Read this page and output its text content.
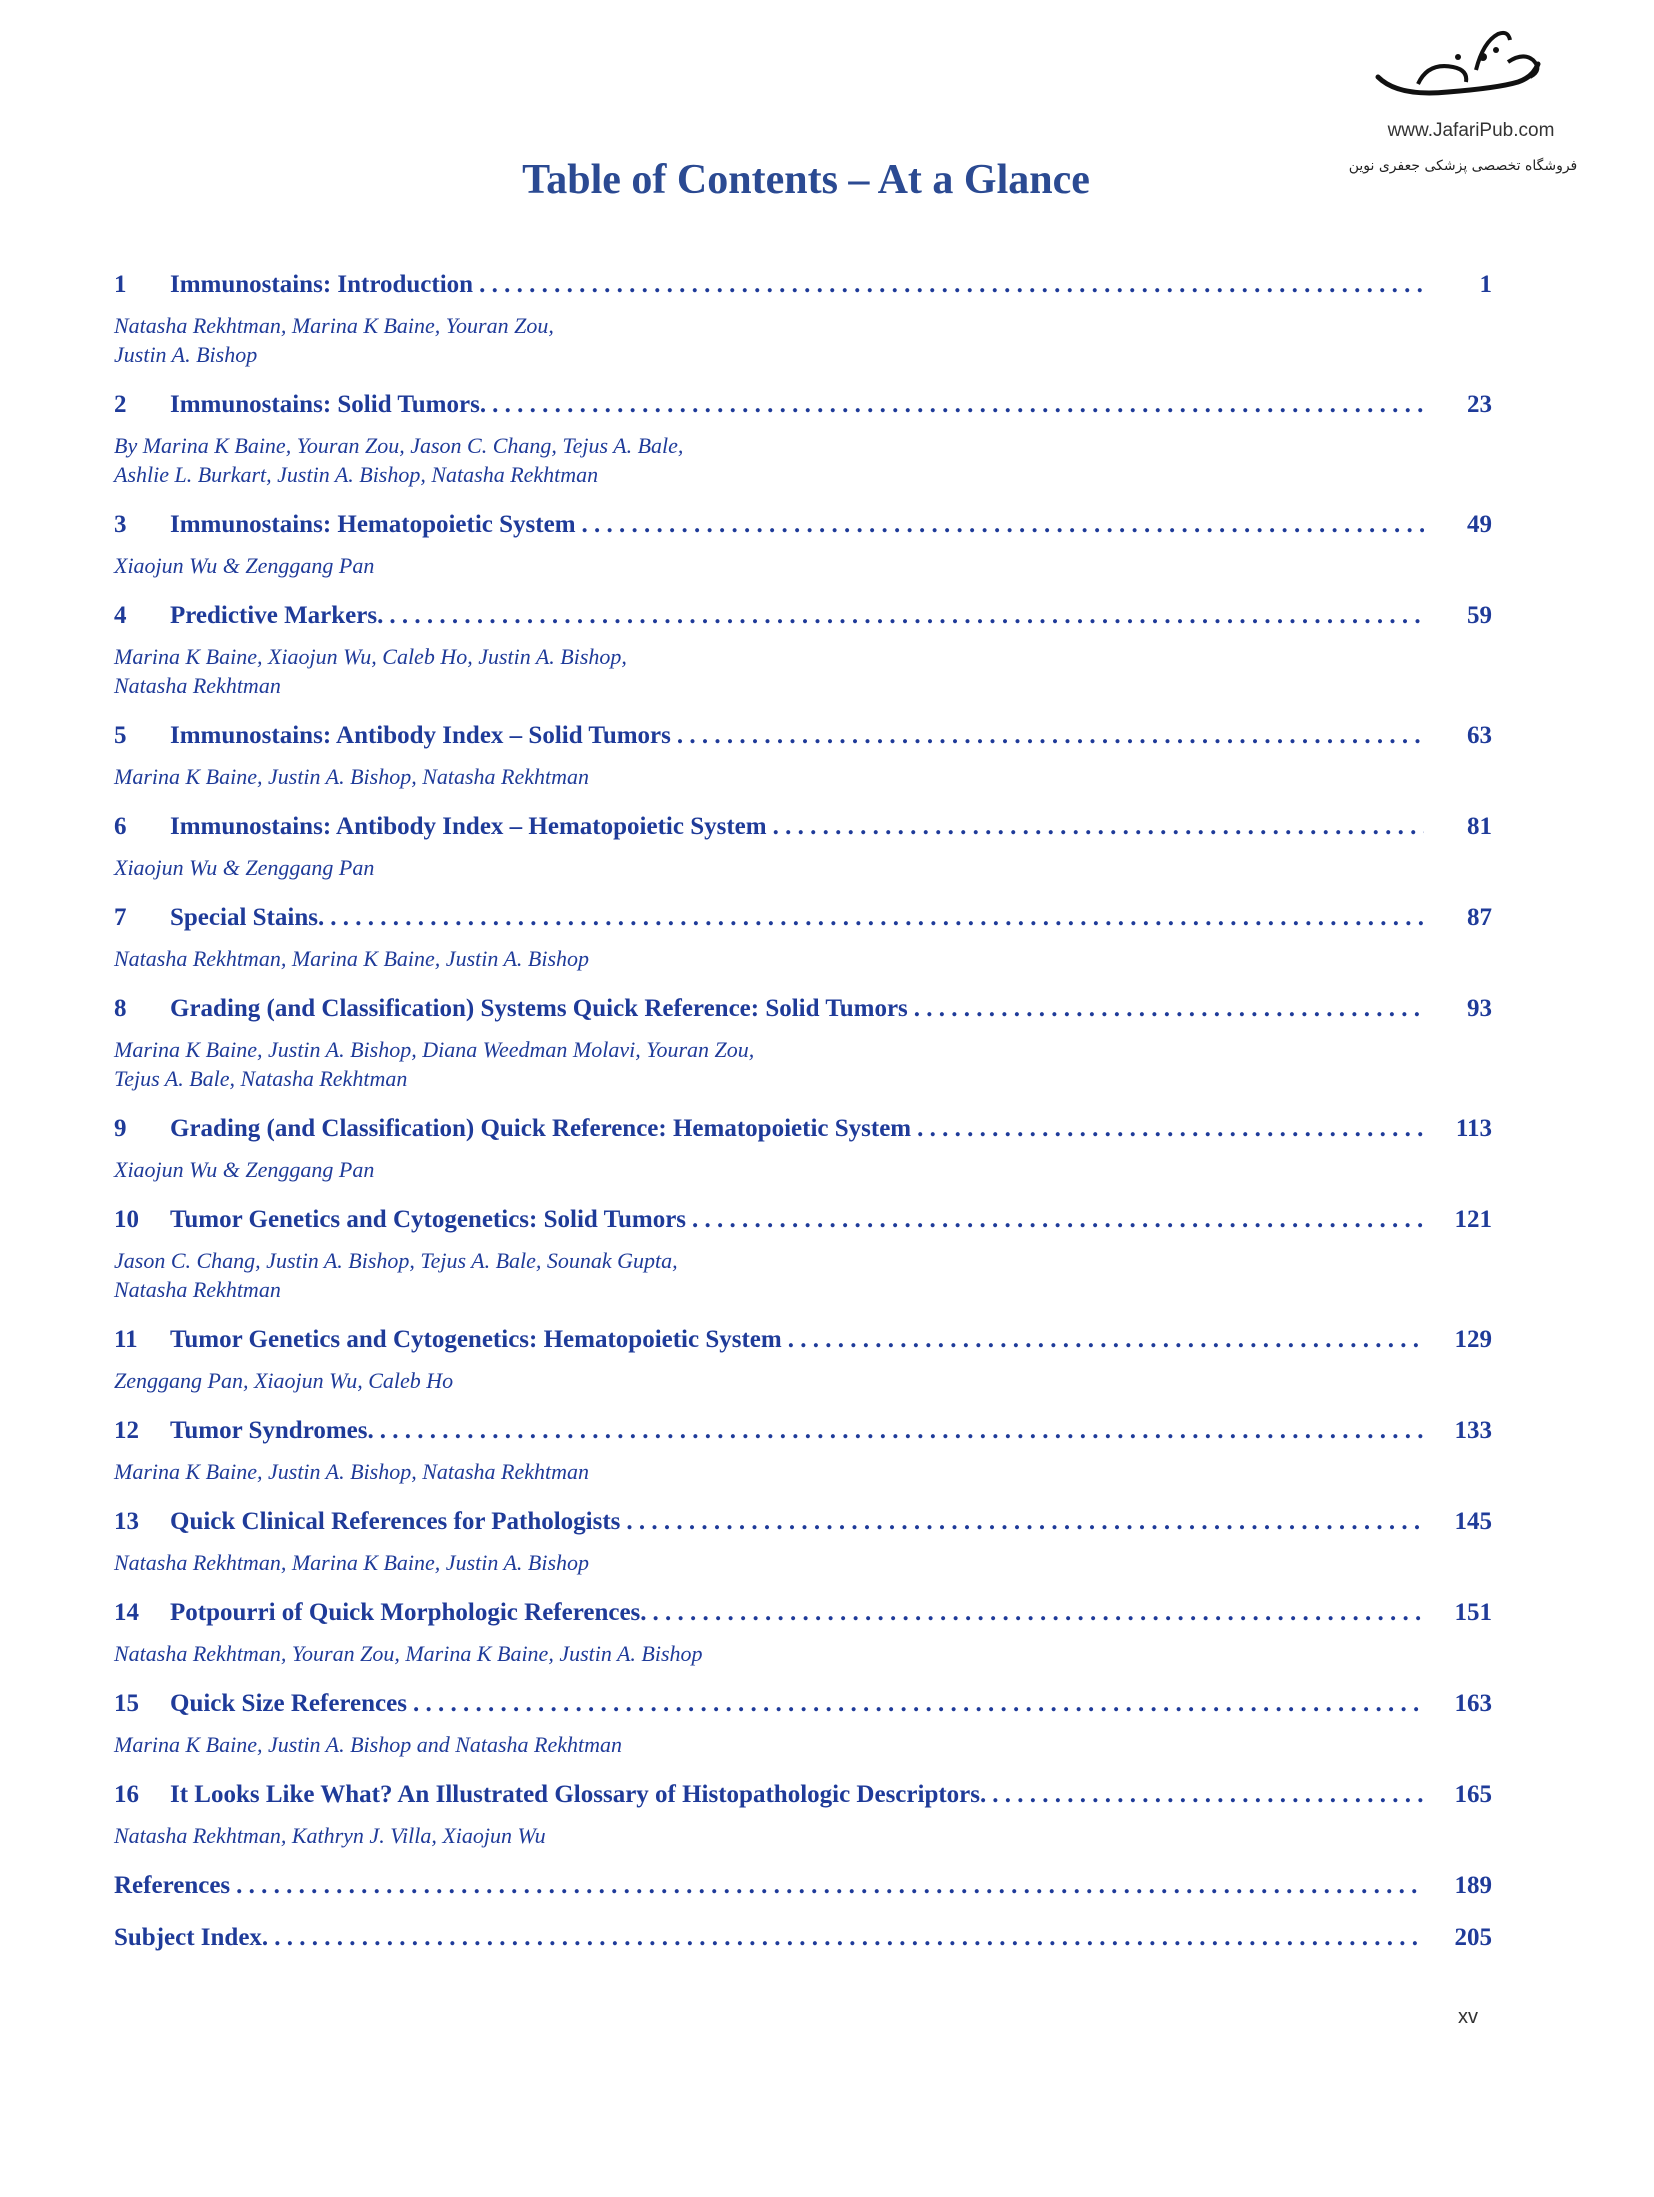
www.JafariPub.com
فروشگاه تخصصی پزشکی جعفری نوین
Table of Contents – At a Glance
1	Immunostains: Introduction . . .	1
Natasha Rekhtman, Marina K Baine, Youran Zou,
Justin A. Bishop
2	Immunostains: Solid Tumors. . . .	23
By Marina K Baine, Youran Zou, Jason C. Chang, Tejus A. Bale,
Ashlie L. Burkart, Justin A. Bishop, Natasha Rekhtman
3	Immunostains: Hematopoietic System . . .	49
Xiaojun Wu & Zenggang Pan
4	Predictive Markers. . . .	59
Marina K Baine, Xiaojun Wu, Caleb Ho, Justin A. Bishop,
Natasha Rekhtman
5	Immunostains: Antibody Index – Solid Tumors . . .	63
Marina K Baine, Justin A. Bishop, Natasha Rekhtman
6	Immunostains: Antibody Index – Hematopoietic System . . .	81
Xiaojun Wu & Zenggang Pan
7	Special Stains. . . .	87
Natasha Rekhtman, Marina K Baine, Justin A. Bishop
8	Grading (and Classification) Systems Quick Reference: Solid Tumors . . .	93
Marina K Baine, Justin A. Bishop, Diana Weedman Molavi, Youran Zou,
Tejus A. Bale, Natasha Rekhtman
9	Grading (and Classification) Quick Reference: Hematopoietic System . . .	113
Xiaojun Wu & Zenggang Pan
10	Tumor Genetics and Cytogenetics: Solid Tumors . . .	121
Jason C. Chang, Justin A. Bishop, Tejus A. Bale, Sounak Gupta,
Natasha Rekhtman
11	Tumor Genetics and Cytogenetics: Hematopoietic System . . .	129
Zenggang Pan, Xiaojun Wu, Caleb Ho
12	Tumor Syndromes. . . .	133
Marina K Baine, Justin A. Bishop, Natasha Rekhtman
13	Quick Clinical References for Pathologists . . .	145
Natasha Rekhtman, Marina K Baine, Justin A. Bishop
14	Potpourri of Quick Morphologic References. . . .	151
Natasha Rekhtman, Youran Zou, Marina K Baine, Justin A. Bishop
15	Quick Size References . . .	163
Marina K Baine, Justin A. Bishop and Natasha Rekhtman
16	It Looks Like What? An Illustrated Glossary of Histopathologic Descriptors. . . .	165
Natasha Rekhtman, Kathryn J. Villa, Xiaojun Wu
References . . .	189
Subject Index. . . .	205
xv
